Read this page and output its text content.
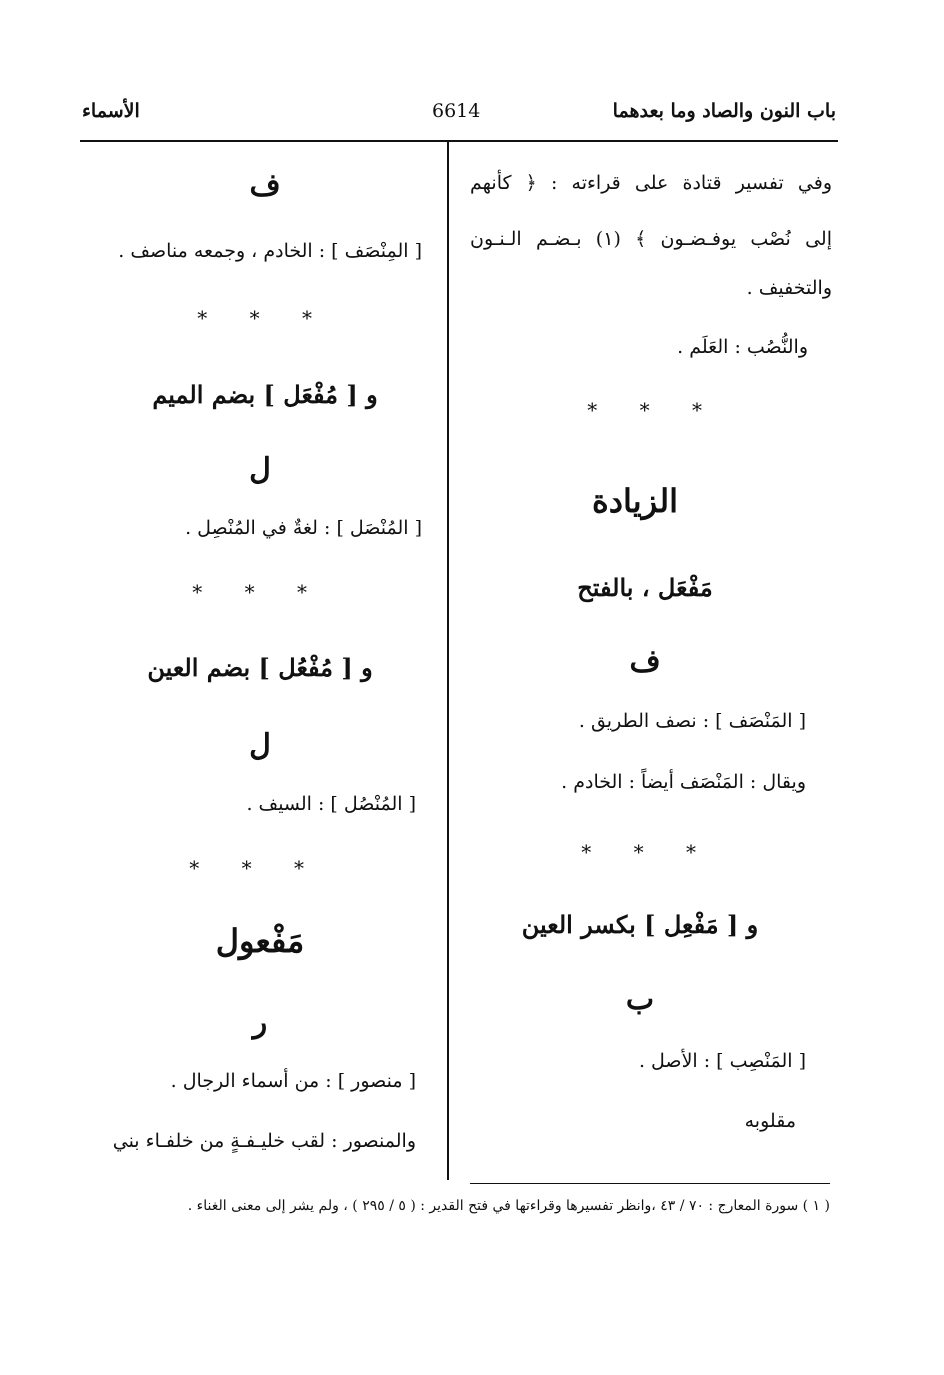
باب النون والصاد وما بعدهما
6614
الأسماء
وفي تفسير قتادة على قراءته : ﴿ كأنهم
إلى نُصْب يوفـضـون ﴾ (١) بـضـم الـنـون
والتخفيف .
والنُّصُب : العَلَم .
* * *
الزيادة
مَفْعَل ، بالفتح
ف
[ المَنْصَف ] : نصف الطريق .
ويقال : المَنْصَف أيضاً : الخادم .
* * *
و [ مَفْعِل ] بكسر العين
ب
[ المَنْصِب ] : الأصل .
مقلوبه
ف
[ المِنْصَف ] : الخادم ، وجمعه مناصف .
* * *
و [ مُفْعَل ] بضم الميم
ل
[ المُنْصَل ] : لغةٌ في المُنْصِل .
* * *
و [ مُفْعُل ] بضم العين
ل
[ المُنْصُل ] : السيف .
* * *
مَفْعول
ر
[ منصور ] : من أسماء الرجال .
والمنصور : لقب خليـفـةٍ من خلفـاء بني
( ١ ) سورة المعارج : ٧٠ / ٤٣ ،وانظر تفسيرها وقراءتها في فتح القدير : ( ٥ / ٢٩٥ ) ، ولم يشر إلى معنى الغناء .
